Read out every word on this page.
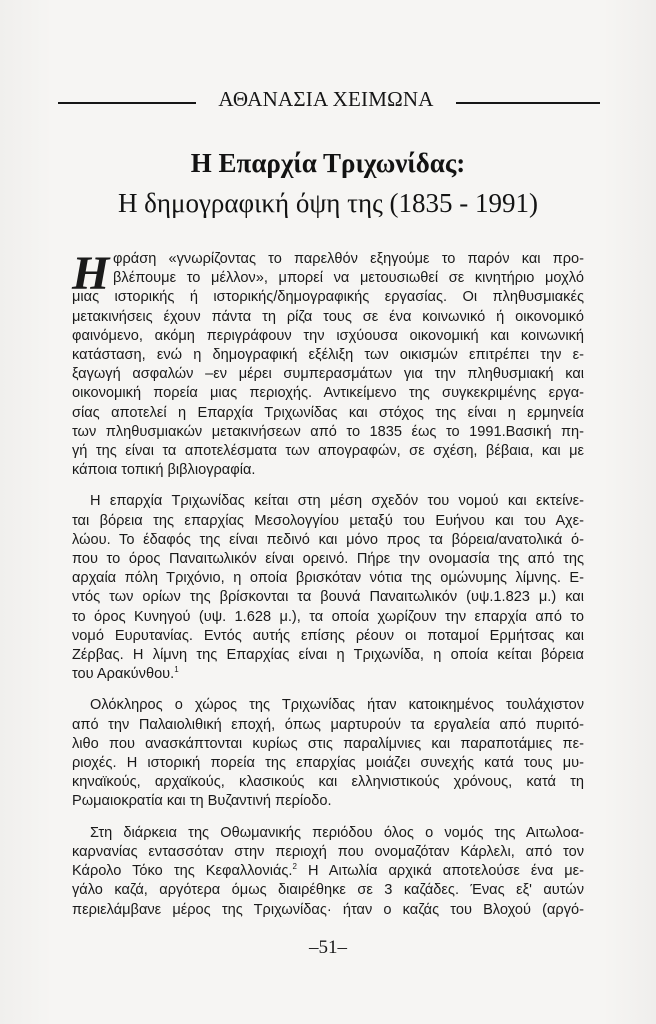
ΑΘΑΝΑΣΙΑ ΧΕΙΜΩΝΑ
Η Επαρχία Τριχωνίδας:
Η δημογραφική όψη της (1835 - 1991)
Η φράση «γνωρίζοντας το παρελθόν εξηγούμε το παρόν και προ-
βλέπουμε το μέλλον», μπορεί να μετουσιωθεί σε κινητήριο μοχλό
μιας ιστορικής ή ιστορικής/δημογραφικής εργασίας. Οι πληθυσμιακές
μετακινήσεις έχουν πάντα τη ρίζα τους σε ένα κοινωνικό ή οικονομικό
φαινόμενο, ακόμη περιγράφουν την ισχύουσα οικονομική και κοινωνική
κατάσταση, ενώ η δημογραφική εξέλιξη των οικισμών επιτρέπει την ε-
ξαγωγή ασφαλών –εν μέρει συμπερασμάτων για την πληθυσμιακή και
οικονομική πορεία μιας περιοχής. Αντικείμενο της συγκεκριμένης εργα-
σίας αποτελεί η Επαρχία Τριχωνίδας και στόχος της είναι η ερμηνεία
των πληθυσμιακών μετακινήσεων από το 1835 έως το 1991.Βασική πη-
γή της είναι τα αποτελέσματα των απογραφών, σε σχέση, βέβαια, και με
κάποια τοπική βιβλιογραφία.
Η επαρχία Τριχωνίδας κείται στη μέση σχεδόν του νομού και εκτείνε-
ται βόρεια της επαρχίας Μεσολογγίου μεταξύ του Ευήνου και του Αχε-
λώου. Το έδαφός της είναι πεδινό και μόνο προς τα βόρεια/ανατολικά ό-
που το όρος Παναιτωλικόν είναι ορεινό. Πήρε την ονομασία της από της
αρχαία πόλη Τριχόνιο, η οποία βρισκόταν νότια της ομώνυμης λίμνης. Ε-
ντός των ορίων της βρίσκονται τα βουνά Παναιτωλικόν (υψ.1.823 μ.) και
το όρος Κυνηγού (υψ. 1.628 μ.), τα οποία χωρίζουν την επαρχία από το
νομό Ευρυτανίας. Εντός αυτής επίσης ρέουν οι ποταμοί Ερμήτσας και
Ζέρβας. Η λίμνη της Επαρχίας είναι η Τριχωνίδα, η οποία κείται βόρεια
του Αρακύνθου.$^1$
Ολόκληρος ο χώρος της Τριχωνίδας ήταν κατοικημένος τουλάχιστον
από την Παλαιολιθική εποχή, όπως μαρτυρούν τα εργαλεία από πυριτό-
λιθο που ανασκάπτονται κυρίως στις παραλίμνιες και παραποτάμιες πε-
ριοχές. Η ιστορική πορεία της επαρχίας μοιάζει συνεχής κατά τους μυ-
κηναϊκούς, αρχαϊκούς, κλασικούς και ελληνιστικούς χρόνους, κατά τη
Ρωμαιοκρατία και τη Βυζαντινή περίοδο.
Στη διάρκεια της Οθωμανικής περιόδου όλος ο νομός της Αιτωλοα-
καρνανίας εντασσόταν στην περιοχή που ονομαζόταν Κάρλελι, από τον
Κάρολο Τόκο της Κεφαλλονιάς.$^2$ Η Αιτωλία αρχικά αποτελούσε ένα με-
γάλο καζά, αργότερα όμως διαιρέθηκε σε 3 καζάδες. Ένας εξ' αυτών
περιελάμβανε μέρος της Τριχωνίδας· ήταν ο καζάς του Βλοχού (αργό-
–51–
